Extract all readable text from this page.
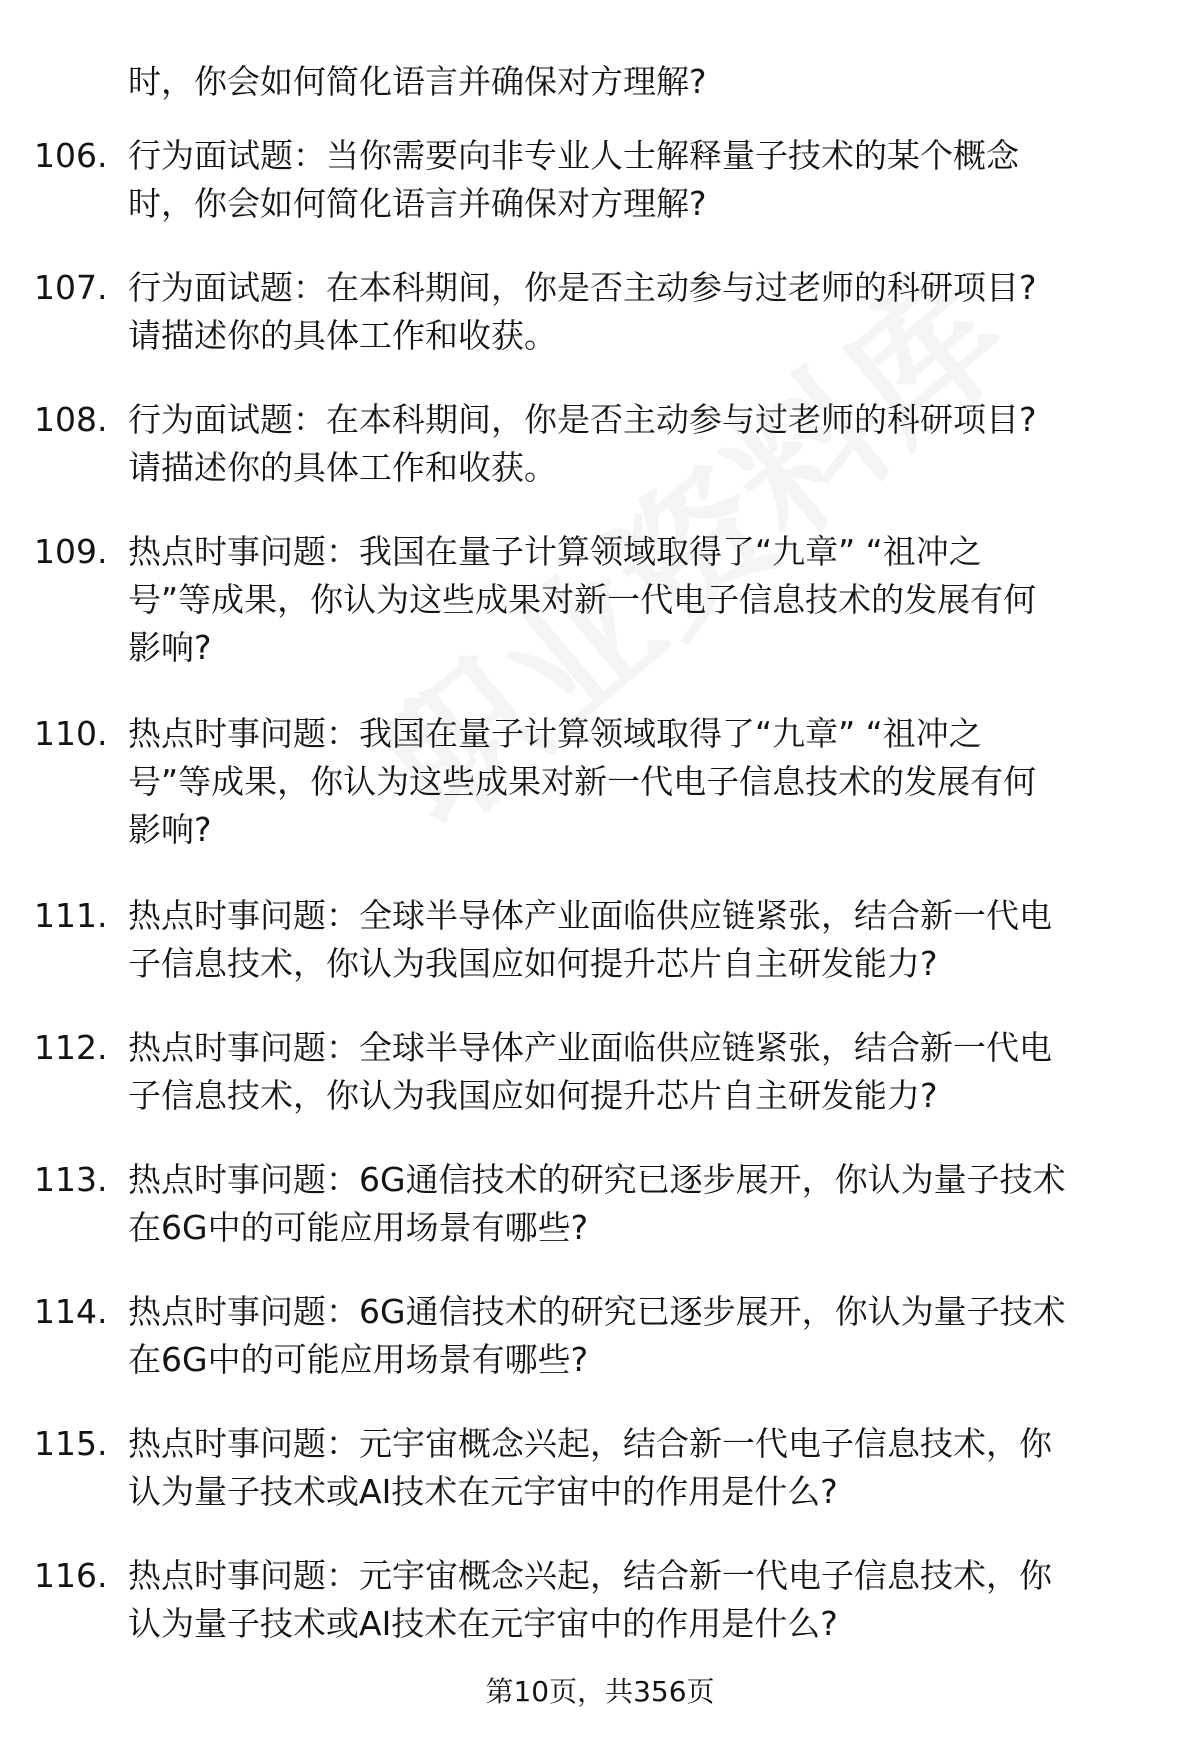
时，你会如何简化语言并确保对方理解?
106. 行为面试题：当你需要向非专业人士解释量子技术的某个概念
时，你会如何简化语言并确保对方理解?
107. 行为面试题：在本科期间，你是否主动参与过老师的科研项目?
请描述你的具体工作和收获。
108. 行为面试题：在本科期间，你是否主动参与过老师的科研项目?
请描述你的具体工作和收获。
109. 热点时事问题：我国在量子计算领域取得了“九章” “祖冲之
号”等成果，你认为这些成果对新一代电子信息技术的发展有何
影响?
110. 热点时事问题：我国在量子计算领域取得了“九章” “祖冲之
号”等成果，你认为这些成果对新一代电子信息技术的发展有何
影响?
111. 热点时事问题：全球半导体产业面临供应链紧张，结合新一代电
子信息技术，你认为我国应如何提升芯片自主研发能力?
112. 热点时事问题：全球半导体产业面临供应链紧张，结合新一代电
子信息技术，你认为我国应如何提升芯片自主研发能力?
113. 热点时事问题：6G通信技术的研究已逐步展开，你认为量子技术
在6G中的可能应用场景有哪些?
114. 热点时事问题：6G通信技术的研究已逐步展开，你认为量子技术
在6G中的可能应用场景有哪些?
115. 热点时事问题：元宇宙概念兴起，结合新一代电子信息技术，你
认为量子技术或AI技术在元宇宙中的作用是什么?
116. 热点时事问题：元宇宙概念兴起，结合新一代电子信息技术，你
认为量子技术或AI技术在元宇宙中的作用是什么?
第10页，共356页
